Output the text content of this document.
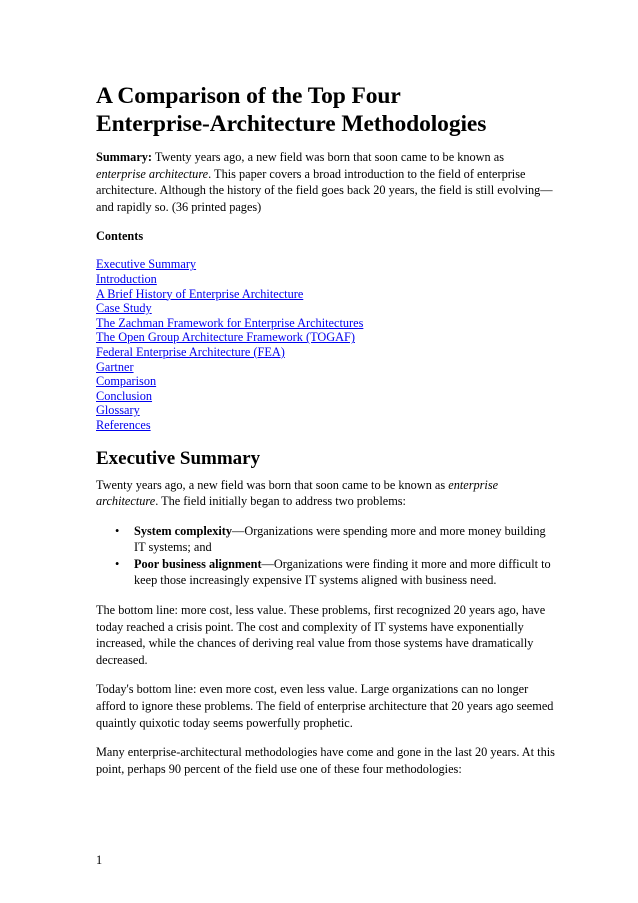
A Comparison of the Top Four
Enterprise-Architecture Methodologies

Summary: Twenty years ago, a new field was born that soon came to be known as enterprise architecture. This paper covers a broad introduction to the field of enterprise architecture. Although the history of the field goes back 20 years, the field is still evolving—and rapidly so. (36 printed pages)

Contents
Executive Summary
Introduction
A Brief History of Enterprise Architecture
Case Study
The Zachman Framework for Enterprise Architectures
The Open Group Architecture Framework (TOGAF)
Federal Enterprise Architecture (FEA)
Gartner
Comparison
Conclusion
Glossary
References
Executive Summary

Twenty years ago, a new field was born that soon came to be known as enterprise architecture. The field initially began to address two problems:

• System complexity—Organizations were spending more and more money building IT systems; and
• Poor business alignment—Organizations were finding it more and more difficult to keep those increasingly expensive IT systems aligned with business need.

The bottom line: more cost, less value. These problems, first recognized 20 years ago, have today reached a crisis point. The cost and complexity of IT systems have exponentially increased, while the chances of deriving real value from those systems have dramatically decreased.

Today's bottom line: even more cost, even less value. Large organizations can no longer afford to ignore these problems. The field of enterprise architecture that 20 years ago seemed quaintly quixotic today seems powerfully prophetic.

Many enterprise-architectural methodologies have come and gone in the last 20 years. At this point, perhaps 90 percent of the field use one of these four methodologies:

1
